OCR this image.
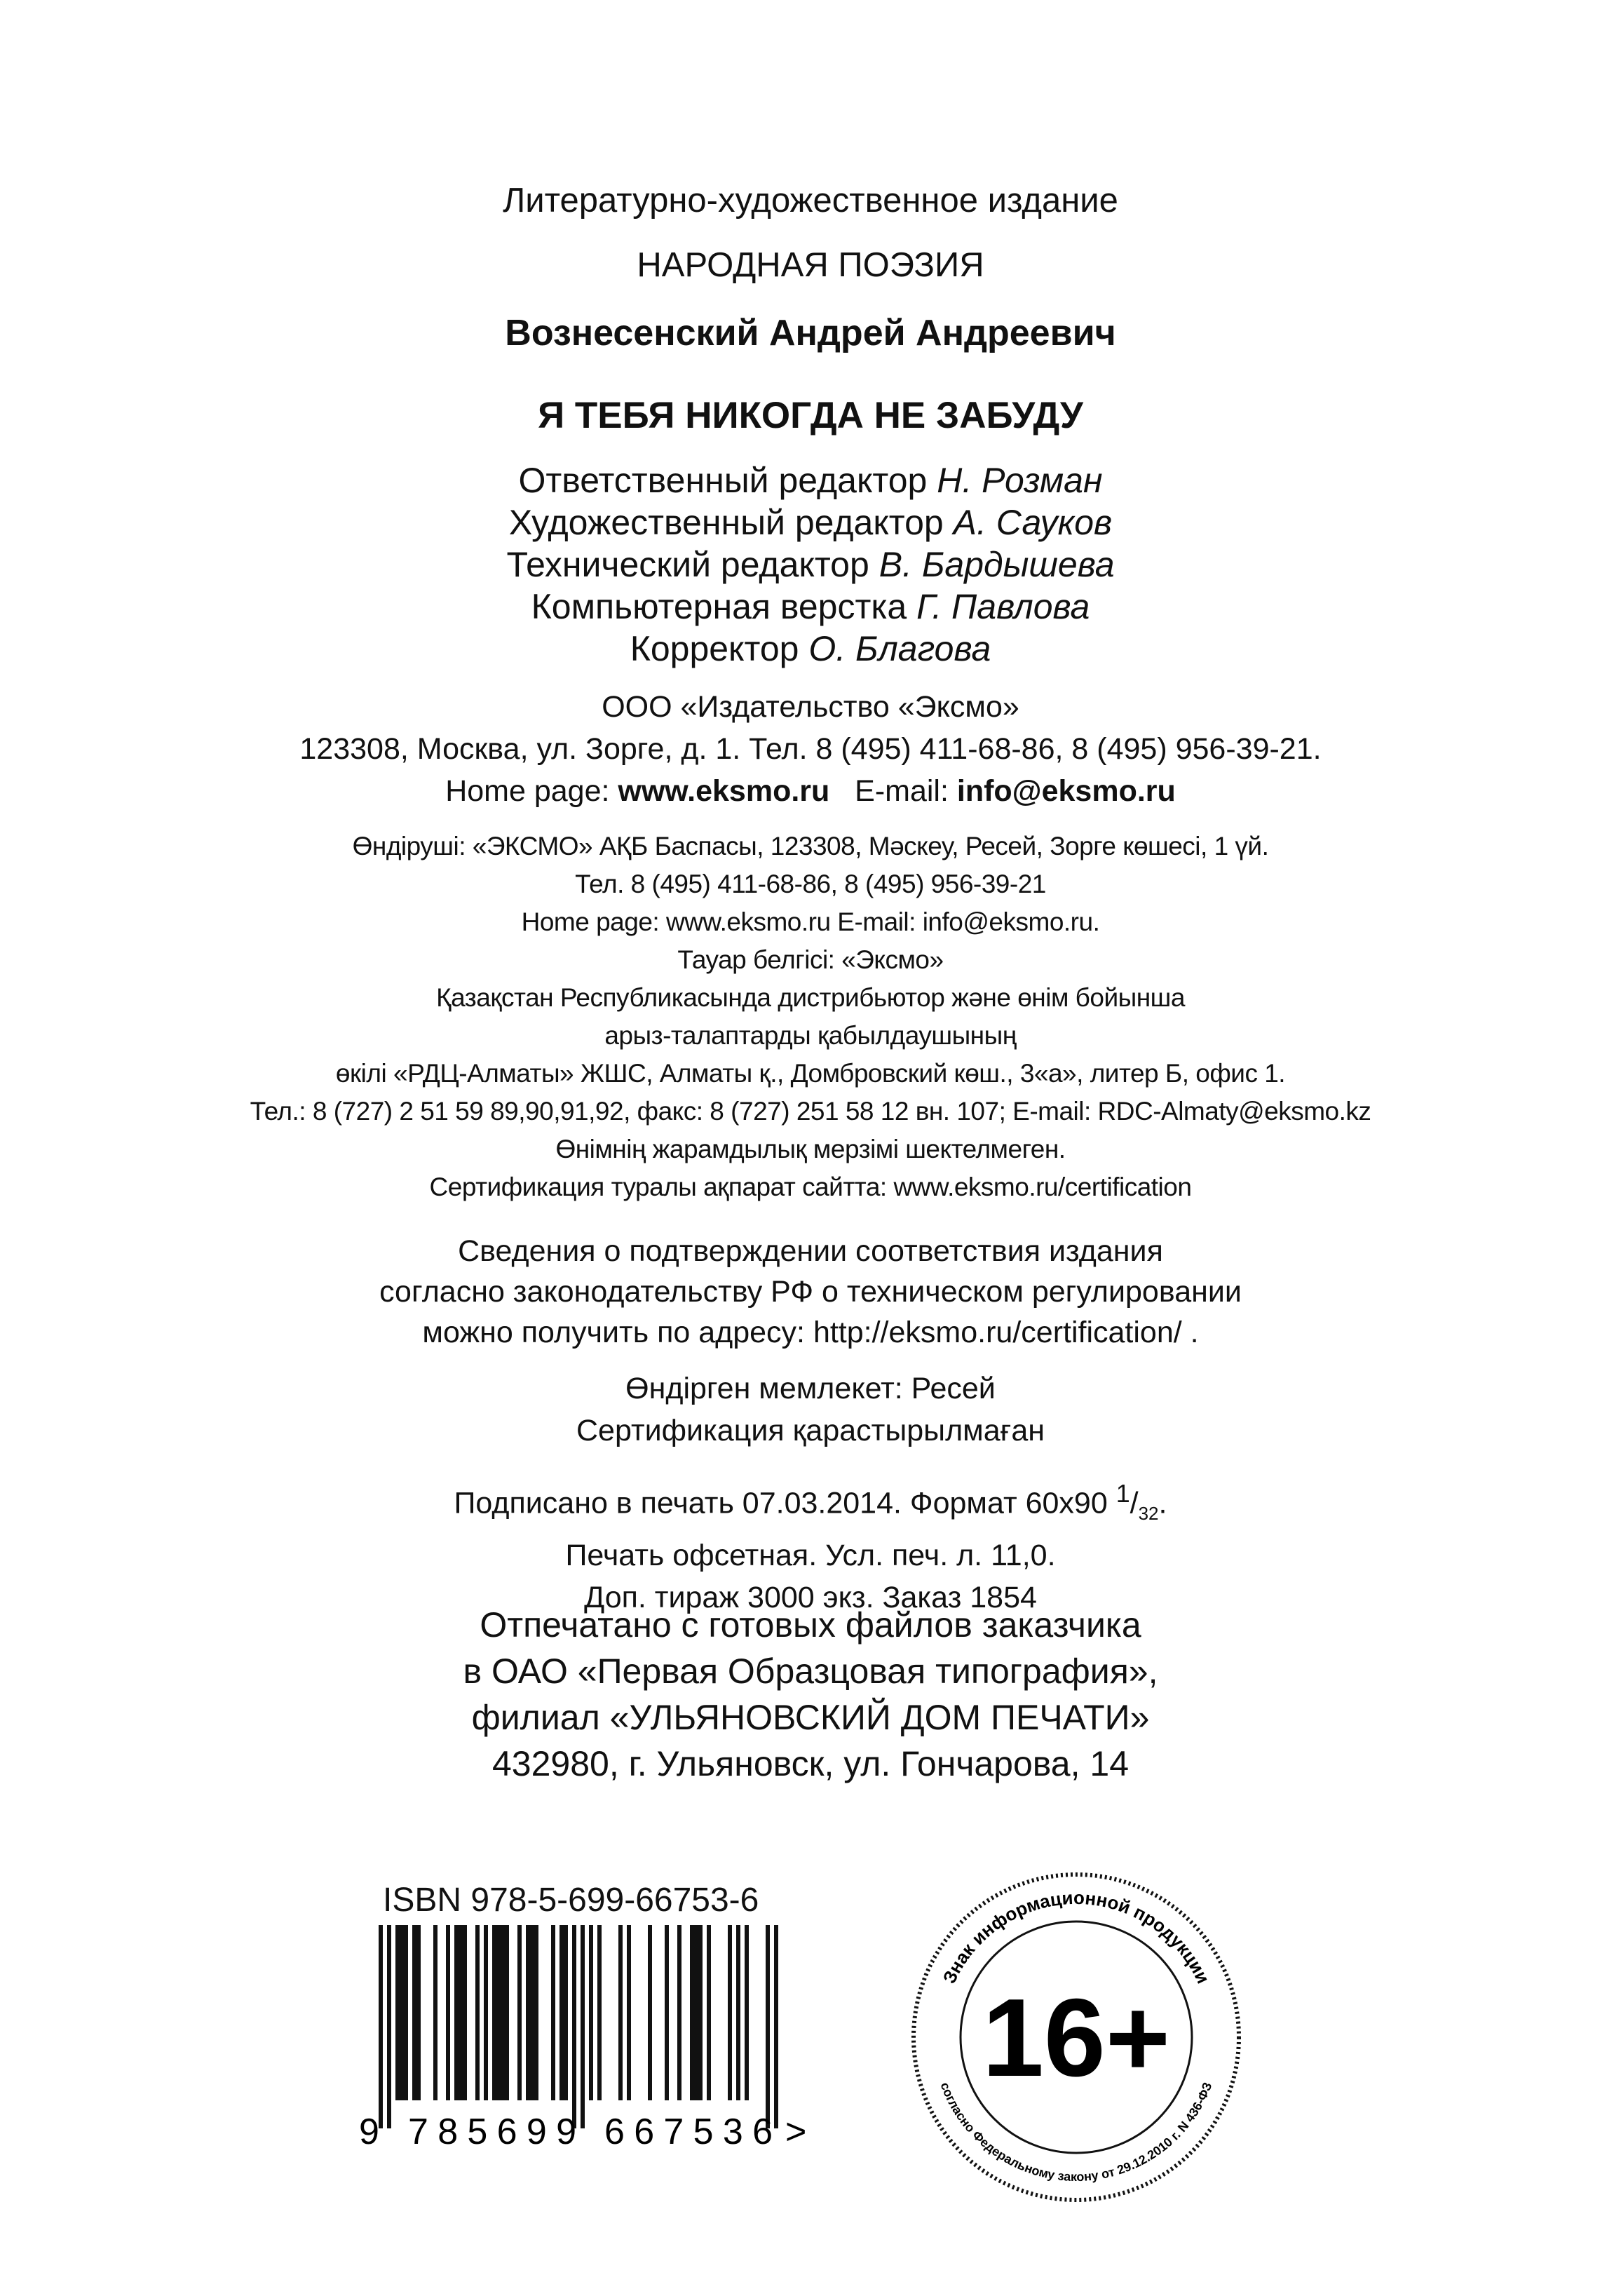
Литературно-художественное издание
НАРОДНАЯ ПОЭЗИЯ
Вознесенский Андрей Андреевич
Я ТЕБЯ НИКОГДА НЕ ЗАБУДУ
Ответственный редактор Н. Розман
Художественный редактор А. Сауков
Технический редактор В. Бардышева
Компьютерная верстка Г. Павлова
Корректор О. Благова
ООО «Издательство «Эксмо»
123308, Москва, ул. Зорге, д. 1. Тел. 8 (495) 411-68-86, 8 (495) 956-39-21.
Home page: www.eksmo.ru E-mail: info@eksmo.ru
Өндіруші: «ЭКСМО» АҚБ Баспасы, 123308, Мәскеу, Ресей, Зорге көшесі, 1 үй.
Тел. 8 (495) 411-68-86, 8 (495) 956-39-21
Home page: www.eksmo.ru E-mail: info@eksmo.ru.
Тауар белгісі: «Эксмо»
Қазақстан Республикасында дистрибьютор және өнім бойынша
арыз-талаптарды қабылдаушының
өкілі «РДЦ-Алматы» ЖШС, Алматы қ., Домбровский көш., 3«а», литер Б, офис 1.
Тел.: 8 (727) 2 51 59 89,90,91,92, факс: 8 (727) 251 58 12 вн. 107; E-mail: RDC-Almaty@eksmo.kz
Өнімнің жарамдылық мерзімі шектелмеген.
Сертификация туралы ақпарат сайтта: www.eksmo.ru/certification
Сведения о подтверждении соответствия издания
согласно законодательству РФ о техническом регулировании
можно получить по адресу: http://eksmo.ru/certification/ .
Өндірген мемлекет: Ресей
Сертификация қарастырылмаған
Подписано в печать 07.03.2014. Формат 60x90 $^1/_{32}$.
Печать офсетная. Усл. печ. л. 11,0.
Доп. тираж 3000 экз. Заказ 1854
Отпечатано с готовых файлов заказчика
в ОАО «Первая Образцовая типография»,
филиал «УЛЬЯНОВСКИЙ ДОМ ПЕЧАТИ»
432980, г. Ульяновск, ул. Гончарова, 14
ISBN 978-5-699-66753-6
9 785699 667536 >
Знак информационной продукции
согласно Федеральному закону от 29.12.2010 г. N 436-ФЗ
16+
